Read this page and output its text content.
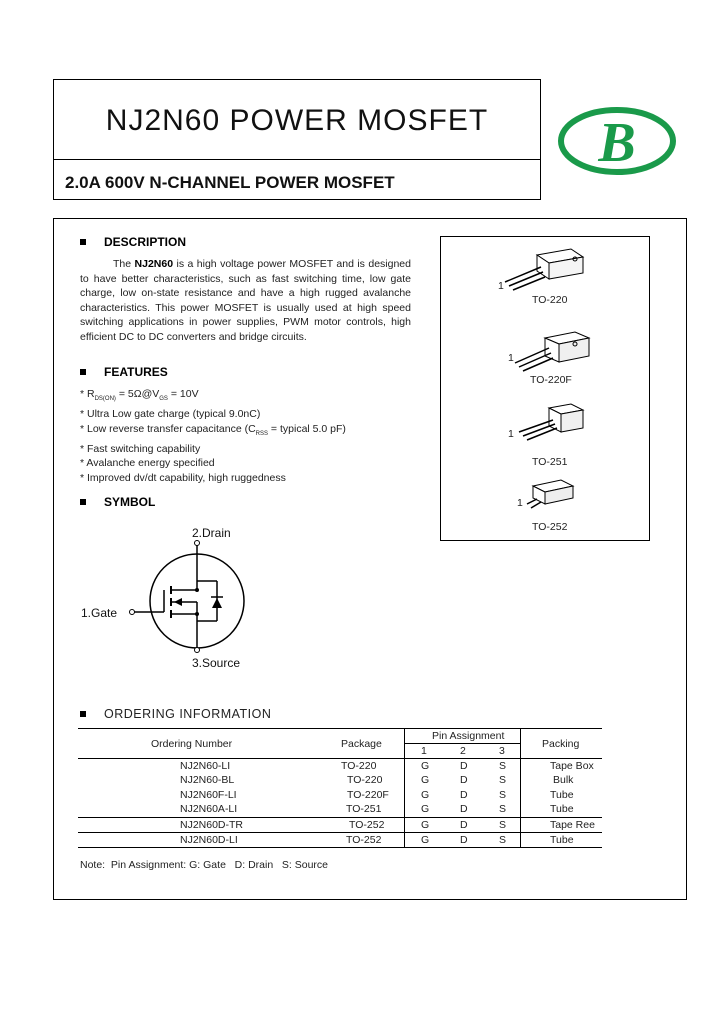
NJ2N60 POWER MOSFET
2.0A 600V N-CHANNEL POWER MOSFET
B
DESCRIPTION
The NJ2N60 is a high voltage power MOSFET and is designed to have better characteristics, such as fast switching time, low gate charge, low on-state resistance and have a high rugged avalanche characteristics. This power MOSFET is usually used at high speed switching applications in power supplies, PWM motor controls, high efficient DC to DC converters and bridge circuits.
FEATURES
* $R_{DS(ON)}$ = $5\Omega@V_{GS} = 10V$
* Ultra Low gate charge (typical 9.0nC)
* Low reverse transfer capacitance ($C_{RSS}$ = typical 5.0 pF)
* Fast switching capability
* Avalanche energy specified
* Improved dv/dt capability, high ruggedness
SYMBOL
2.Drain
1.Gate
3.Source
1
TO-220
1
TO-220F
1
TO-251
1
TO-252
ORDERING INFORMATION
Ordering Number	Package
Pin Assignment
1	2	3
Packing
NJ2N60-LI	TO-220	G	D	S	Tape Box
NJ2N60-BL	TO-220	G	D	S	Bulk
NJ2N60F-LI	TO-220F	G	D	S	Tube
NJ2N60A-LI	TO-251	G	D	S	Tube
NJ2N60D-TR	TO-252	G	D	S	Tape Ree
NJ2N60D-LI	TO-252	G	D	S	Tube
Note:  Pin Assignment: G: Gate   D: Drain   S: Source
